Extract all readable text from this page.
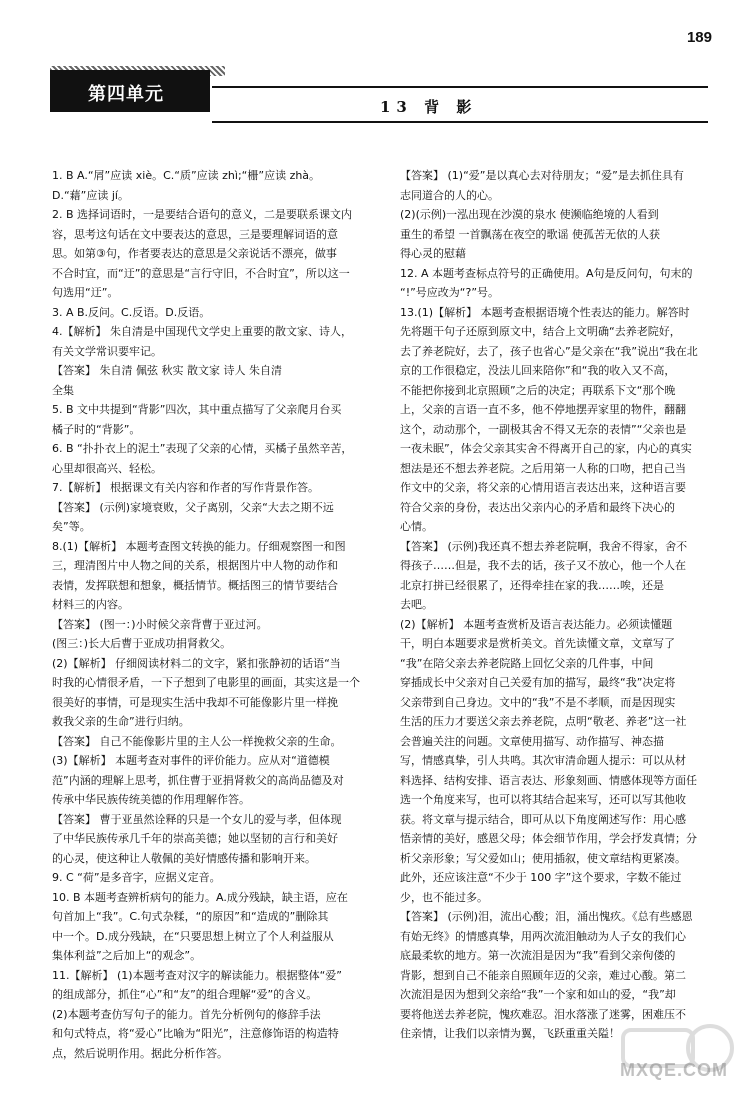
189
第四单元
13 背 影

1. B A.“屑”应读 xiè。C.“质”应读 zhì;“栅”应读 zhà。

D.“藉”应读 jí。

2. B 选择词语时，一是要结合语句的意义，二是要联系课文内

容，思考这句话在文中要表达的意思，三是要理解词语的意

思。如第③句，作者要表达的意思是父亲说话不漂亮，做事

不合时宜，而“迂”的意思是“言行守旧，不合时宜”，所以这一

句选用“迂”。

3. A B.反问。C.反语。D.反语。

4.【解析】 朱自清是中国现代文学史上重要的散文家、诗人，

有关文学常识要牢记。

【答案】 朱自清 佩弦 秋实 散文家 诗人 朱自清

全集

5. B 文中共提到“背影”四次，其中重点描写了父亲爬月台买

橘子时的“背影”。

6. B “扑扑衣上的泥土”表现了父亲的心情，买橘子虽然辛苦，

心里却很高兴、轻松。

7.【解析】 根据课文有关内容和作者的写作背景作答。

【答案】 (示例)家境衰败，父子离别，父亲“大去之期不远

矣”等。

8.(1)【解析】 本题考查图文转换的能力。仔细观察图一和图

三，理清图片中人物之间的关系，根据图片中人物的动作和

表情，发挥联想和想象，概括情节。概括图三的情节要结合

材料三的内容。

【答案】 (图一：)小时候父亲背曹于亚过河。

(图三：)长大后曹于亚成功捐肾救父。

(2)【解析】 仔细阅读材料二的文字，紧扣张静初的话语“当

时我的心情很矛盾，一下子想到了电影里的画面，其实这是一个

很美好的事情，可是现实生活中我却不可能像影片里一样挽

救我父亲的生命”进行归纳。

【答案】 自己不能像影片里的主人公一样挽救父亲的生命。

(3)【解析】 本题考查对事件的评价能力。应从对“道德模

范”内涵的理解上思考，抓住曹于亚捐肾救父的高尚品德及对

传承中华民族传统美德的作用理解作答。

【答案】 曹于亚虽然诠释的只是一个女儿的爱与孝，但体现

了中华民族传承几千年的崇高美德；她以坚韧的言行和美好

的心灵，使这种让人敬佩的美好情感传播和影响开来。

9. C “荷”是多音字，应据义定音。

10. B 本题考查辨析病句的能力。A.成分残缺，缺主语，应在

句首加上“我”。C.句式杂糅，“的原因”和“造成的”删除其

中一个。D.成分残缺，在“只要思想上树立了个人利益服从

集体利益”之后加上“的观念”。

11.【解析】 (1)本题考查对汉字的解读能力。根据整体“爱”

的组成部分，抓住“心”和“友”的组合理解“爱”的含义。

(2)本题考查仿写句子的能力。首先分析例句的修辞手法

和句式特点，将“爱心”比喻为“阳光”，注意修饰语的构造特

点，然后说明作用。据此分析作答。

【答案】 (1)“爱”是以真心去对待朋友；“爱”是去抓住具有

志同道合的人的心。

(2)(示例)一泓出现在沙漠的泉水 使濒临绝境的人看到

重生的希望 一首飘荡在夜空的歌谣 使孤苦无依的人获

得心灵的慰藉

12. A 本题考查标点符号的正确使用。A句是反问句，句末的

“!”号应改为“?”号。

13.(1)【解析】 本题考查根据语境个性表达的能力。解答时

先将题干句子还原到原文中，结合上文明确“去养老院好，

去了养老院好，去了，孩子也省心”是父亲在“我”说出“我在北

京的工作很稳定，没法儿回来陪你”和“我的收入又不高，

不能把你接到北京照顾”之后的决定；再联系下文“那个晚

上，父亲的言语一直不多，他不停地摆弄家里的物件，翻翻

这个，动动那个，一副极其舍不得又无奈的表情”“父亲也是

一夜未眠”，体会父亲其实舍不得离开自己的家，内心的真实

想法是还不想去养老院。之后用第一人称的口吻，把自己当

作文中的父亲，将父亲的心情用语言表达出来，这种语言要

符合父亲的身份，表达出父亲内心的矛盾和最终下决心的

心情。

【答案】 (示例)我还真不想去养老院啊，我舍不得家，舍不

得孩子……但是，我不去的话，孩子又不放心，他一个人在

北京打拼已经很累了，还得牵挂在家的我……唉，还是

去吧。

(2)【解析】 本题考查赏析及语言表达能力。必须读懂题

干，明白本题要求是赏析美文。首先读懂文章，文章写了

“我”在陪父亲去养老院路上回忆父亲的几件事，中间

穿插成长中父亲对自己关爱有加的描写，最终“我”决定将

父亲带到自己身边。文中的“我”不是不孝顺，而是因现实

生活的压力才要送父亲去养老院，点明“敬老、养老”这一社

会普遍关注的问题。文章使用描写、动作描写、神态描

写，情感真挚，引人共鸣。其次审清命题人提示：可以从材

料选择、结构安排、语言表达、形象刻画、情感体现等方面任

选一个角度来写，也可以将其结合起来写，还可以写其他收

获。将文章与提示结合，即可从以下角度阐述写作：用心感

悟亲情的美好，感恩父母；体会细节作用，学会抒发真情；分

析父亲形象；写父爱如山；使用插叙，使文章结构更紧凑。

此外，还应该注意“不少于 100 字”这个要求，字数不能过

少，也不能过多。

【答案】 (示例)泪，流出心酸；泪，涌出愧疚。《总有些感恩

有始无终》的情感真挚，用两次流泪触动为人子女的我们心

底最柔软的地方。第一次流泪是因为“我”看到父亲佝偻的

背影，想到自己不能亲自照顾年迈的父亲，难过心酸。第二

次流泪是因为想到父亲给“我”一个家和如山的爱，“我”却

要将他送去养老院，愧疚难忍。泪水落涨了迷雾，困难压不

住亲情，让我们以亲情为翼，飞跃重重关隘！

MXQE.COM
